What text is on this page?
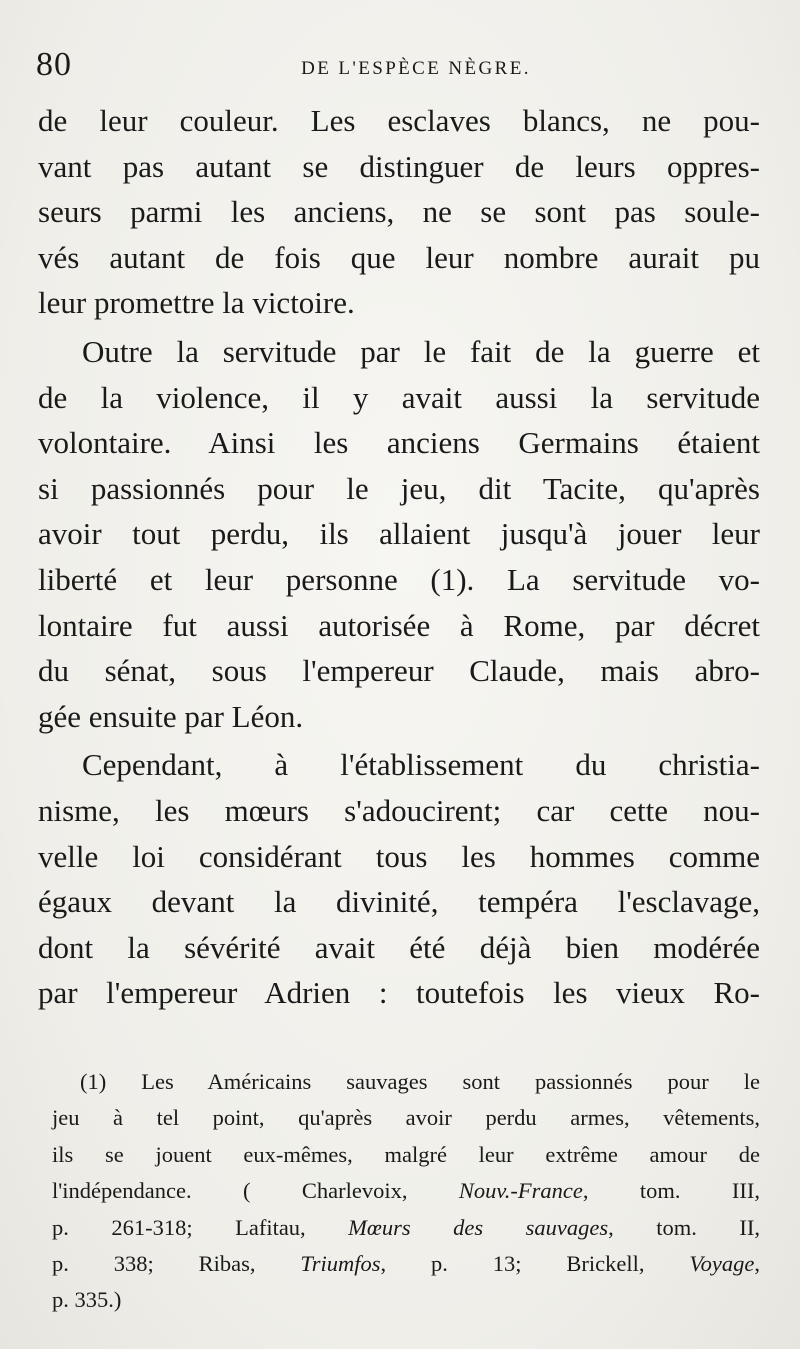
80	DE L'ESPÈCE NÈGRE.
de leur couleur. Les esclaves blancs, ne pou-
vant pas autant se distinguer de leurs oppres-
seurs parmi les anciens, ne se sont pas soule-
vés autant de fois que leur nombre aurait pu
leur promettre la victoire.
Outre la servitude par le fait de la guerre et
de la violence, il y avait aussi la servitude
volontaire. Ainsi les anciens Germains étaient
si passionnés pour le jeu, dit Tacite, qu'après
avoir tout perdu, ils allaient jusqu'à jouer leur
liberté et leur personne (1). La servitude vo-
lontaire fut aussi autorisée à Rome, par décret
du sénat, sous l'empereur Claude, mais abro-
gée ensuite par Léon.
Cependant, à l'établissement du christia-
nisme, les mœurs s'adoucirent; car cette nou-
velle loi considérant tous les hommes comme
égaux devant la divinité, tempéra l'esclavage,
dont la sévérité avait été déjà bien modérée
par l'empereur Adrien : toutefois les vieux Ro-
(1) Les Américains sauvages sont passionnés pour le
jeu à tel point, qu'après avoir perdu armes, vêtements,
ils se jouent eux-mêmes, malgré leur extrême amour de
l'indépendance. ( Charlevoix, Nouv.-France, tom. III,
p. 261-318; Lafitau, Mœurs des sauvages, tom. II,
p. 338; Ribas, Triumfos, p. 13; Brickell, Voyage,
p. 335.)
